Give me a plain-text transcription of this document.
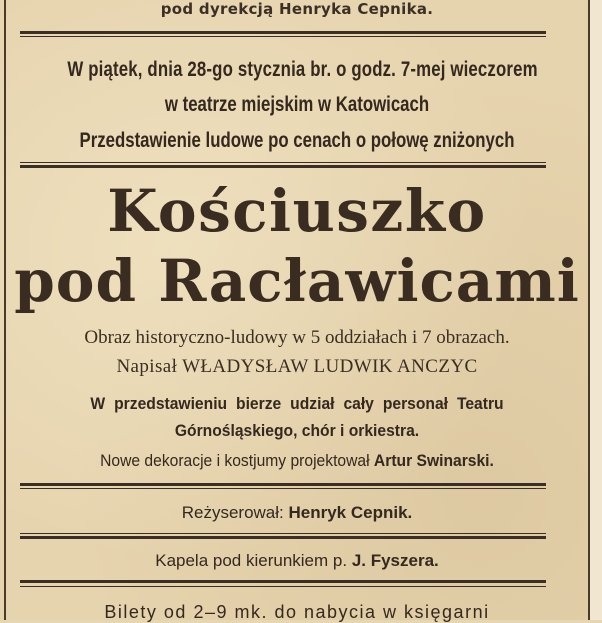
pod dyrekcją Henryka Cepnika.
W piątek, dnia 28-go stycznia br. o godz. 7-mej wieczorem
w teatrze miejskim w Katowicach
Przedstawienie ludowe po cenach o połowę zniżonych
Kościuszko
pod Racławicami
Obraz historyczno-ludowy w 5 oddziałach i 7 obrazach.
Napisał WŁADYSŁAW LUDWIK ANCZYC
W przedstawieniu bierze udział cały personał Teatru
Górnośląskiego, chór i orkiestra.
Nowe dekoracje i kostjumy projektował Artur Swinarski.
Reżyserował: Henryk Cepnik.
Kapela pod kierunkiem p. J. Fyszera.
Bilety od 2–9 mk. do nabycia w księgarni
